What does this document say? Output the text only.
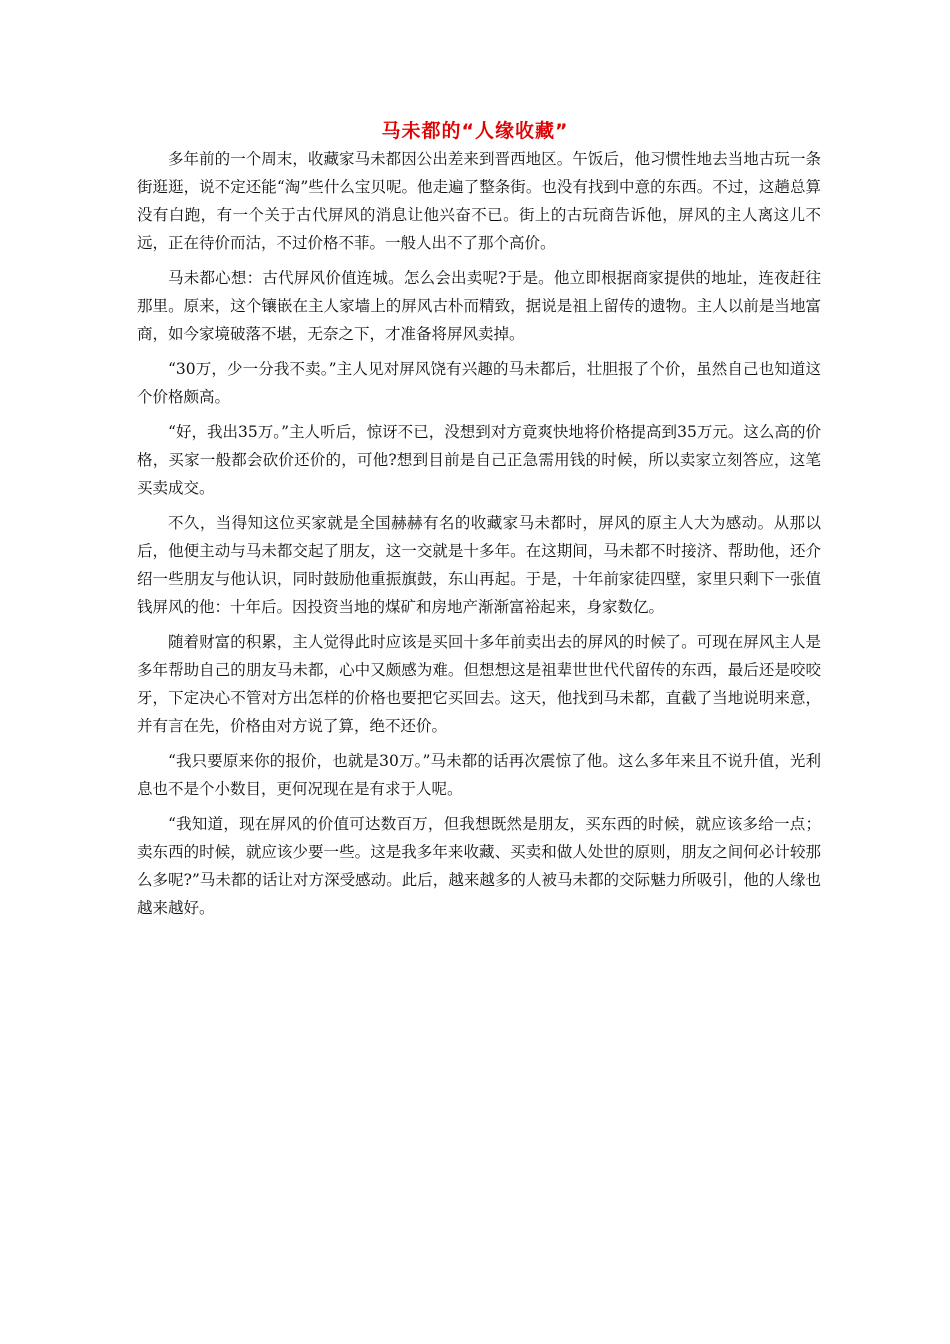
马未都的“人缘收藏”

多年前的一个周末，收藏家马未都因公出差来到晋西地区。午饭后，他习惯性地去当地古玩一条街逛逛，说不定还能“淘”些什么宝贝呢。他走遍了整条街。也没有找到中意的东西。不过，这趟总算没有白跑，有一个关于古代屏风的消息让他兴奋不已。街上的古玩商告诉他，屏风的主人离这儿不远，正在待价而沽，不过价格不菲。一般人出不了那个高价。

马未都心想：古代屏风价值连城。怎么会出卖呢?于是。他立即根据商家提供的地址，连夜赶往那里。原来，这个镶嵌在主人家墙上的屏风古朴而精致，据说是祖上留传的遗物。主人以前是当地富商，如今家境破落不堪，无奈之下，才准备将屏风卖掉。

“30万，少一分我不卖。”主人见对屏风饶有兴趣的马未都后，壮胆报了个价，虽然自己也知道这个价格颇高。

“好，我出35万。”主人听后，惊讶不已，没想到对方竟爽快地将价格提高到35万元。这么高的价格，买家一般都会砍价还价的，可他?想到目前是自己正急需用钱的时候，所以卖家立刻答应，这笔买卖成交。

不久，当得知这位买家就是全国赫赫有名的收藏家马未都时，屏风的原主人大为感动。从那以后，他便主动与马未都交起了朋友，这一交就是十多年。在这期间，马未都不时接济、帮助他，还介绍一些朋友与他认识，同时鼓励他重振旗鼓，东山再起。于是，十年前家徒四壁，家里只剩下一张值钱屏风的他：十年后。因投资当地的煤矿和房地产渐渐富裕起来，身家数亿。

随着财富的积累，主人觉得此时应该是买回十多年前卖出去的屏风的时候了。可现在屏风主人是多年帮助自己的朋友马未都，心中又颇感为难。但想想这是祖辈世世代代留传的东西，最后还是咬咬牙，下定决心不管对方出怎样的价格也要把它买回去。这天，他找到马未都，直截了当地说明来意，并有言在先，价格由对方说了算，绝不还价。

“我只要原来你的报价，也就是30万。”马未都的话再次震惊了他。这么多年来且不说升值，光利息也不是个小数目，更何况现在是有求于人呢。

“我知道，现在屏风的价值可达数百万，但我想既然是朋友，买东西的时候，就应该多给一点；卖东西的时候，就应该少要一些。这是我多年来收藏、买卖和做人处世的原则，朋友之间何必计较那么多呢?”马未都的话让对方深受感动。此后，越来越多的人被马未都的交际魅力所吸引，他的人缘也越来越好。
